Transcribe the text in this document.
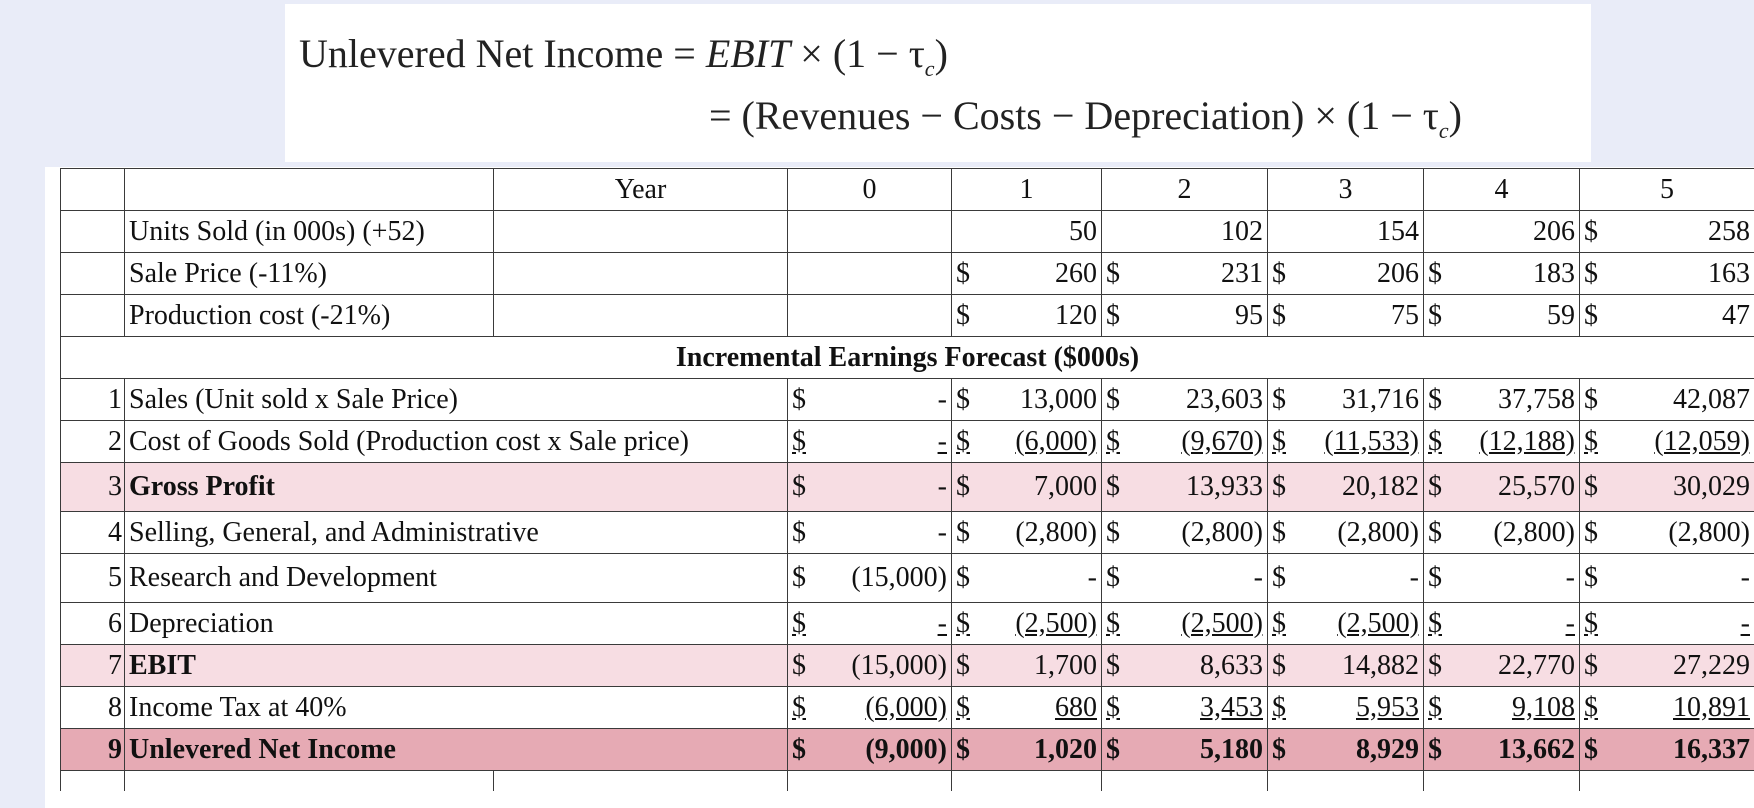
Unlevered Net Income = EBIT × $(1 - \tau_c)$
= (Revenues − Costs − Depreciation) × $(1 - \tau_c)$
		Year	0	1	2	3	4	5
	Units Sold (in 000s) (+52)			50	102	154	206	$ 258

	Sale Price (-11%)			$ 260	$ 231	$ 206	$ 183	$ 163

	Production cost (-21%)			$ 120	$ 95	$ 75	$ 59	$ 47

Incremental Earnings Forecast ($000s)								
1	Sales (Unit sold x Sale Price)		$ -	$ 13,000	$ 23,603	$ 31,716	$ 37,758	$ 42,087

2	Cost of Goods Sold (Production cost x Sale price)		$ -	$ (6,000)	$ (9,670)	$ (11,533)	$ (12,188)	$ (12,059)

3	Gross Profit		$ -	$ 7,000	$ 13,933	$ 20,182	$ 25,570	$ 30,029

4	Selling, General, and Administrative		$ -	$ (2,800)	$ (2,800)	$ (2,800)	$ (2,800)	$ (2,800)

5	Research and Development		$ (15,000)	$ -	$ -	$ -	$ -	$ -

6	Depreciation		$ -	$ (2,500)	$ (2,500)	$ (2,500)	$ -	$ -

7	EBIT		$ (15,000)	$ 1,700	$ 8,633	$ 14,882	$ 22,770	$ 27,229

8	Income Tax at 40%		$ (6,000)	$ 680	$ 3,453	$ 5,953	$ 9,108	$ 10,891

9	Unlevered Net Income		$ (9,000)	$ 1,020	$ 5,180	$ 8,929	$ 13,662	$ 16,337
